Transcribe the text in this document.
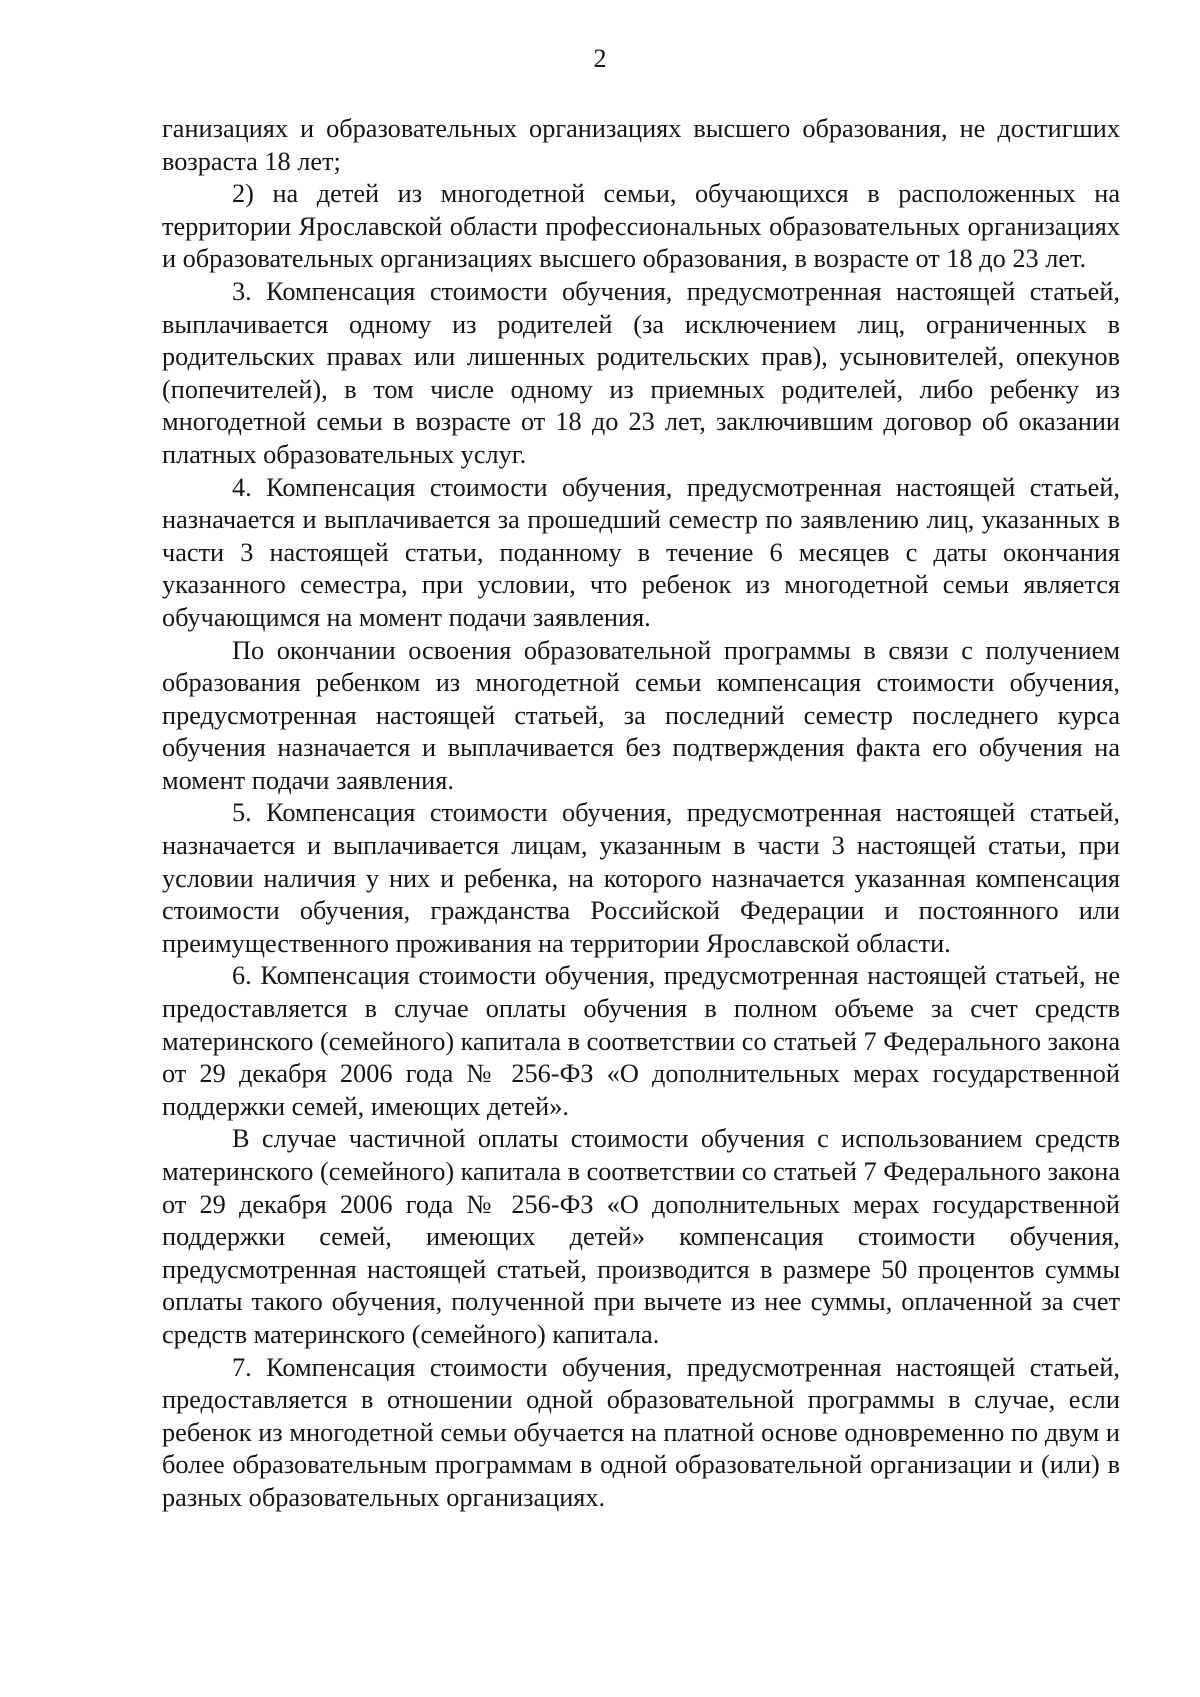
2

ганизациях и образовательных организациях высшего образования, не достигших возраста 18 лет;

2) на детей из многодетной семьи, обучающихся в расположенных на территории Ярославской области профессиональных образовательных организациях и образовательных организациях высшего образования, в возрасте от 18 до 23 лет.

3. Компенсация стоимости обучения, предусмотренная настоящей статьей, выплачивается одному из родителей (за исключением лиц, ограниченных в родительских правах или лишенных родительских прав), усыновителей, опекунов (попечителей), в том числе одному из приемных родителей, либо ребенку из многодетной семьи в возрасте от 18 до 23 лет, заключившим договор об оказании платных образовательных услуг.

4. Компенсация стоимости обучения, предусмотренная настоящей статьей, назначается и выплачивается за прошедший семестр по заявлению лиц, указанных в части 3 настоящей статьи, поданному в течение 6 месяцев с даты окончания указанного семестра, при условии, что ребенок из многодетной семьи является обучающимся на момент подачи заявления.

По окончании освоения образовательной программы в связи с получением образования ребенком из многодетной семьи компенсация стоимости обучения, предусмотренная настоящей статьей, за последний семестр последнего курса обучения назначается и выплачивается без подтверждения факта его обучения на момент подачи заявления.

5. Компенсация стоимости обучения, предусмотренная настоящей статьей, назначается и выплачивается лицам, указанным в части 3 настоящей статьи, при условии наличия у них и ребенка, на которого назначается указанная компенсация стоимости обучения, гражданства Российской Федерации и постоянного или преимущественного проживания на территории Ярославской области.

6. Компенсация стоимости обучения, предусмотренная настоящей статьей, не предоставляется в случае оплаты обучения в полном объеме за счет средств материнского (семейного) капитала в соответствии со статьей 7 Федерального закона от 29 декабря 2006 года № 256-ФЗ «О дополнительных мерах государственной поддержки семей, имеющих детей».

В случае частичной оплаты стоимости обучения с использованием средств материнского (семейного) капитала в соответствии со статьей 7 Федерального закона от 29 декабря 2006 года № 256-ФЗ «О дополнительных мерах государственной поддержки семей, имеющих детей» компенсация стоимости обучения, предусмотренная настоящей статьей, производится в размере 50 процентов суммы оплаты такого обучения, полученной при вычете из нее суммы, оплаченной за счет средств материнского (семейного) капитала.

7. Компенсация стоимости обучения, предусмотренная настоящей статьей, предоставляется в отношении одной образовательной программы в случае, если ребенок из многодетной семьи обучается на платной основе одновременно по двум и более образовательным программам в одной образовательной организации и (или) в разных образовательных организациях.
